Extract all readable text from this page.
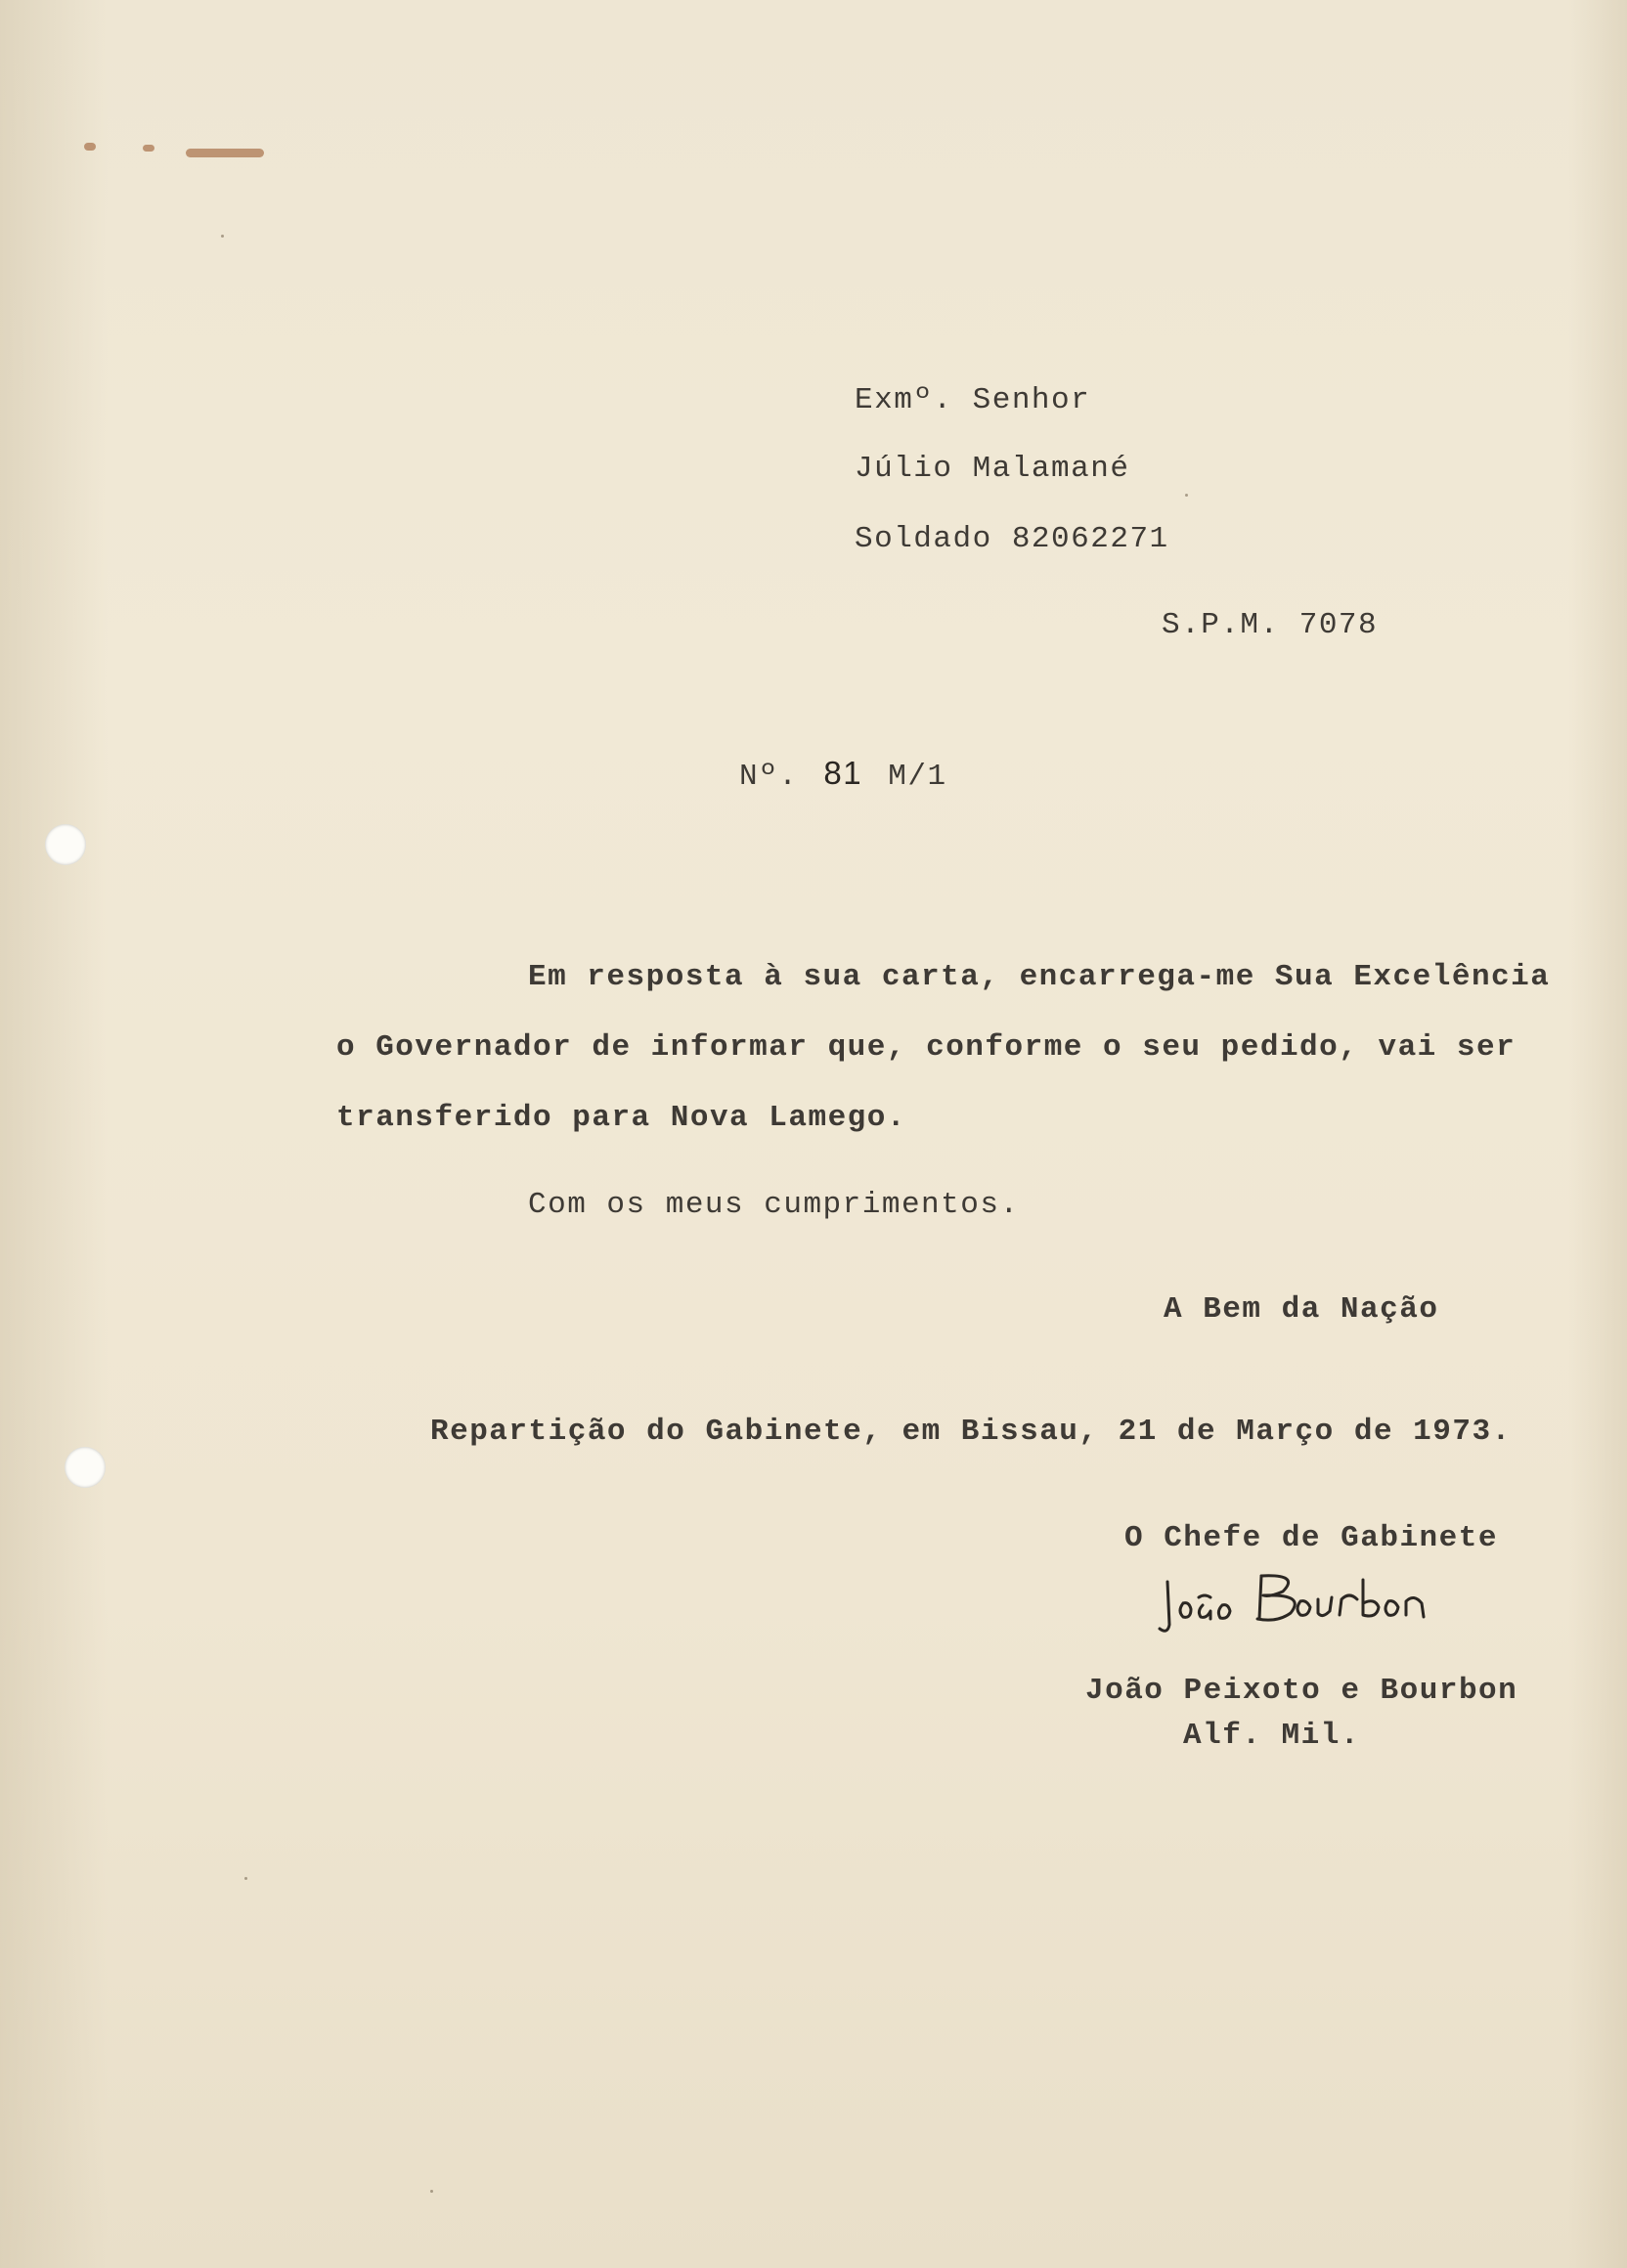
Exmº. Senhor
Júlio Malamané
Soldado 82062271
S.P.M. 7078
Nº. 81 M/1
Em resposta à sua carta, encarrega-me Sua Excelência
o Governador de informar que, conforme o seu pedido, vai ser
transferido para Nova Lamego.
Com os meus cumprimentos.
A Bem da Nação
Repartição do Gabinete, em Bissau, 21 de Março de 1973.
O Chefe de Gabinete
João Peixoto e Bourbon
Alf. Mil.
